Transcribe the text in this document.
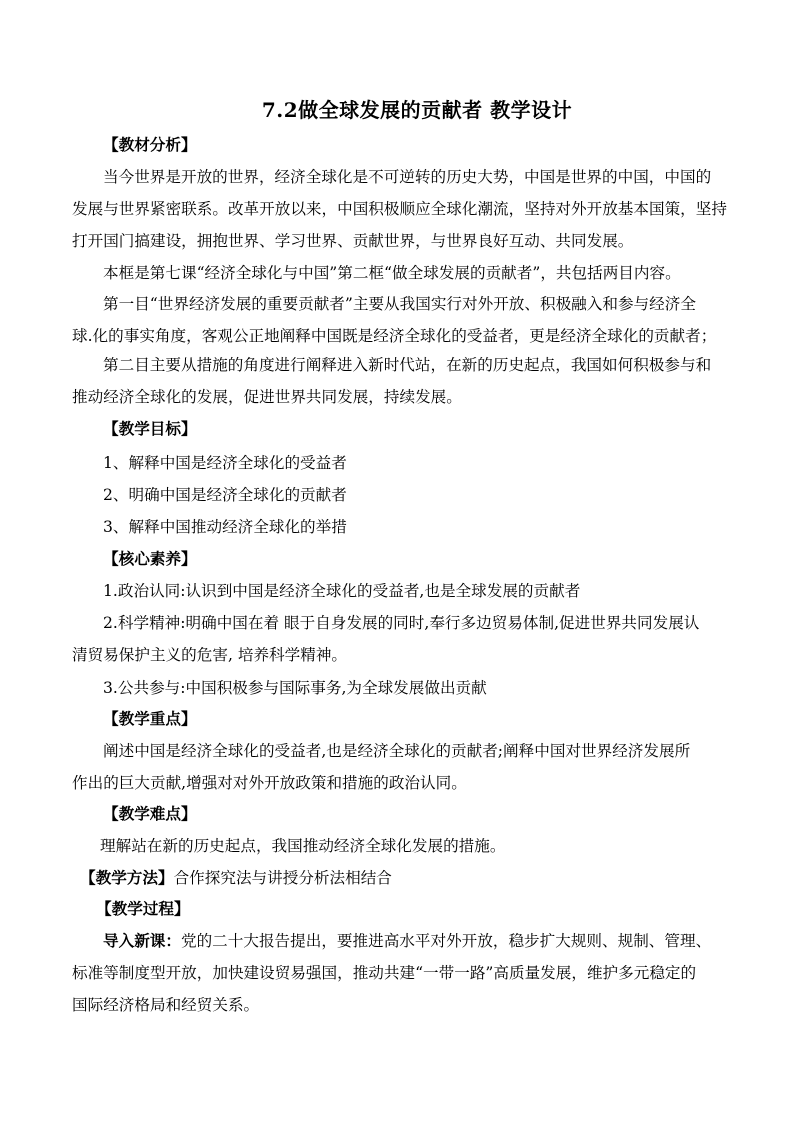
7.2做全球发展的贡献者 教学设计
【教材分析】
当今世界是开放的世界，经济全球化是不可逆转的历史大势，中国是世界的中国，中国的
发展与世界紧密联系。改革开放以来，中国积极顺应全球化潮流，坚持对外开放基本国策，坚持
打开国门搞建设，拥抱世界、学习世界、贡献世界，与世界良好互动、共同发展。
本框是第七课“经济全球化与中国”第二框“做全球发展的贡献者”，共包括两目内容。
第一目“世界经济发展的重要贡献者”主要从我国实行对外开放、积极融入和参与经济全
球.化的事实角度，客观公正地阐释中国既是经济全球化的受益者，更是经济全球化的贡献者；
第二目主要从措施的角度进行阐释进入新时代站，在新的历史起点，我国如何积极参与和
推动经济全球化的发展，促进世界共同发展，持续发展。
【教学目标】
1、解释中国是经济全球化的受益者
2、明确中国是经济全球化的贡献者
3、解释中国推动经济全球化的举措
【核心素养】
1.政治认同:认识到中国是经济全球化的受益者,也是全球发展的贡献者
2.科学精神:明确中国在着 眼于自身发展的同时,奉行多边贸易体制,促进世界共同发展认
清贸易保护主义的危害, 培养科学精神。
3.公共参与:中国积极参与国际事务,为全球发展做出贡献
【教学重点】
阐述中国是经济全球化的受益者,也是经济全球化的贡献者;阐释中国对世界经济发展所
作出的巨大贡献,增强对对外开放政策和措施的政治认同。
【教学难点】
理解站在新的历史起点，我国推动经济全球化发展的措施。
【教学方法】合作探究法与讲授分析法相结合
【教学过程】
导入新课：党的二十大报告提出，要推进高水平对外开放，稳步扩大规则、规制、管理、
标准等制度型开放，加快建设贸易强国，推动共建“一带一路”高质量发展，维护多元稳定的
国际经济格局和经贸关系。
